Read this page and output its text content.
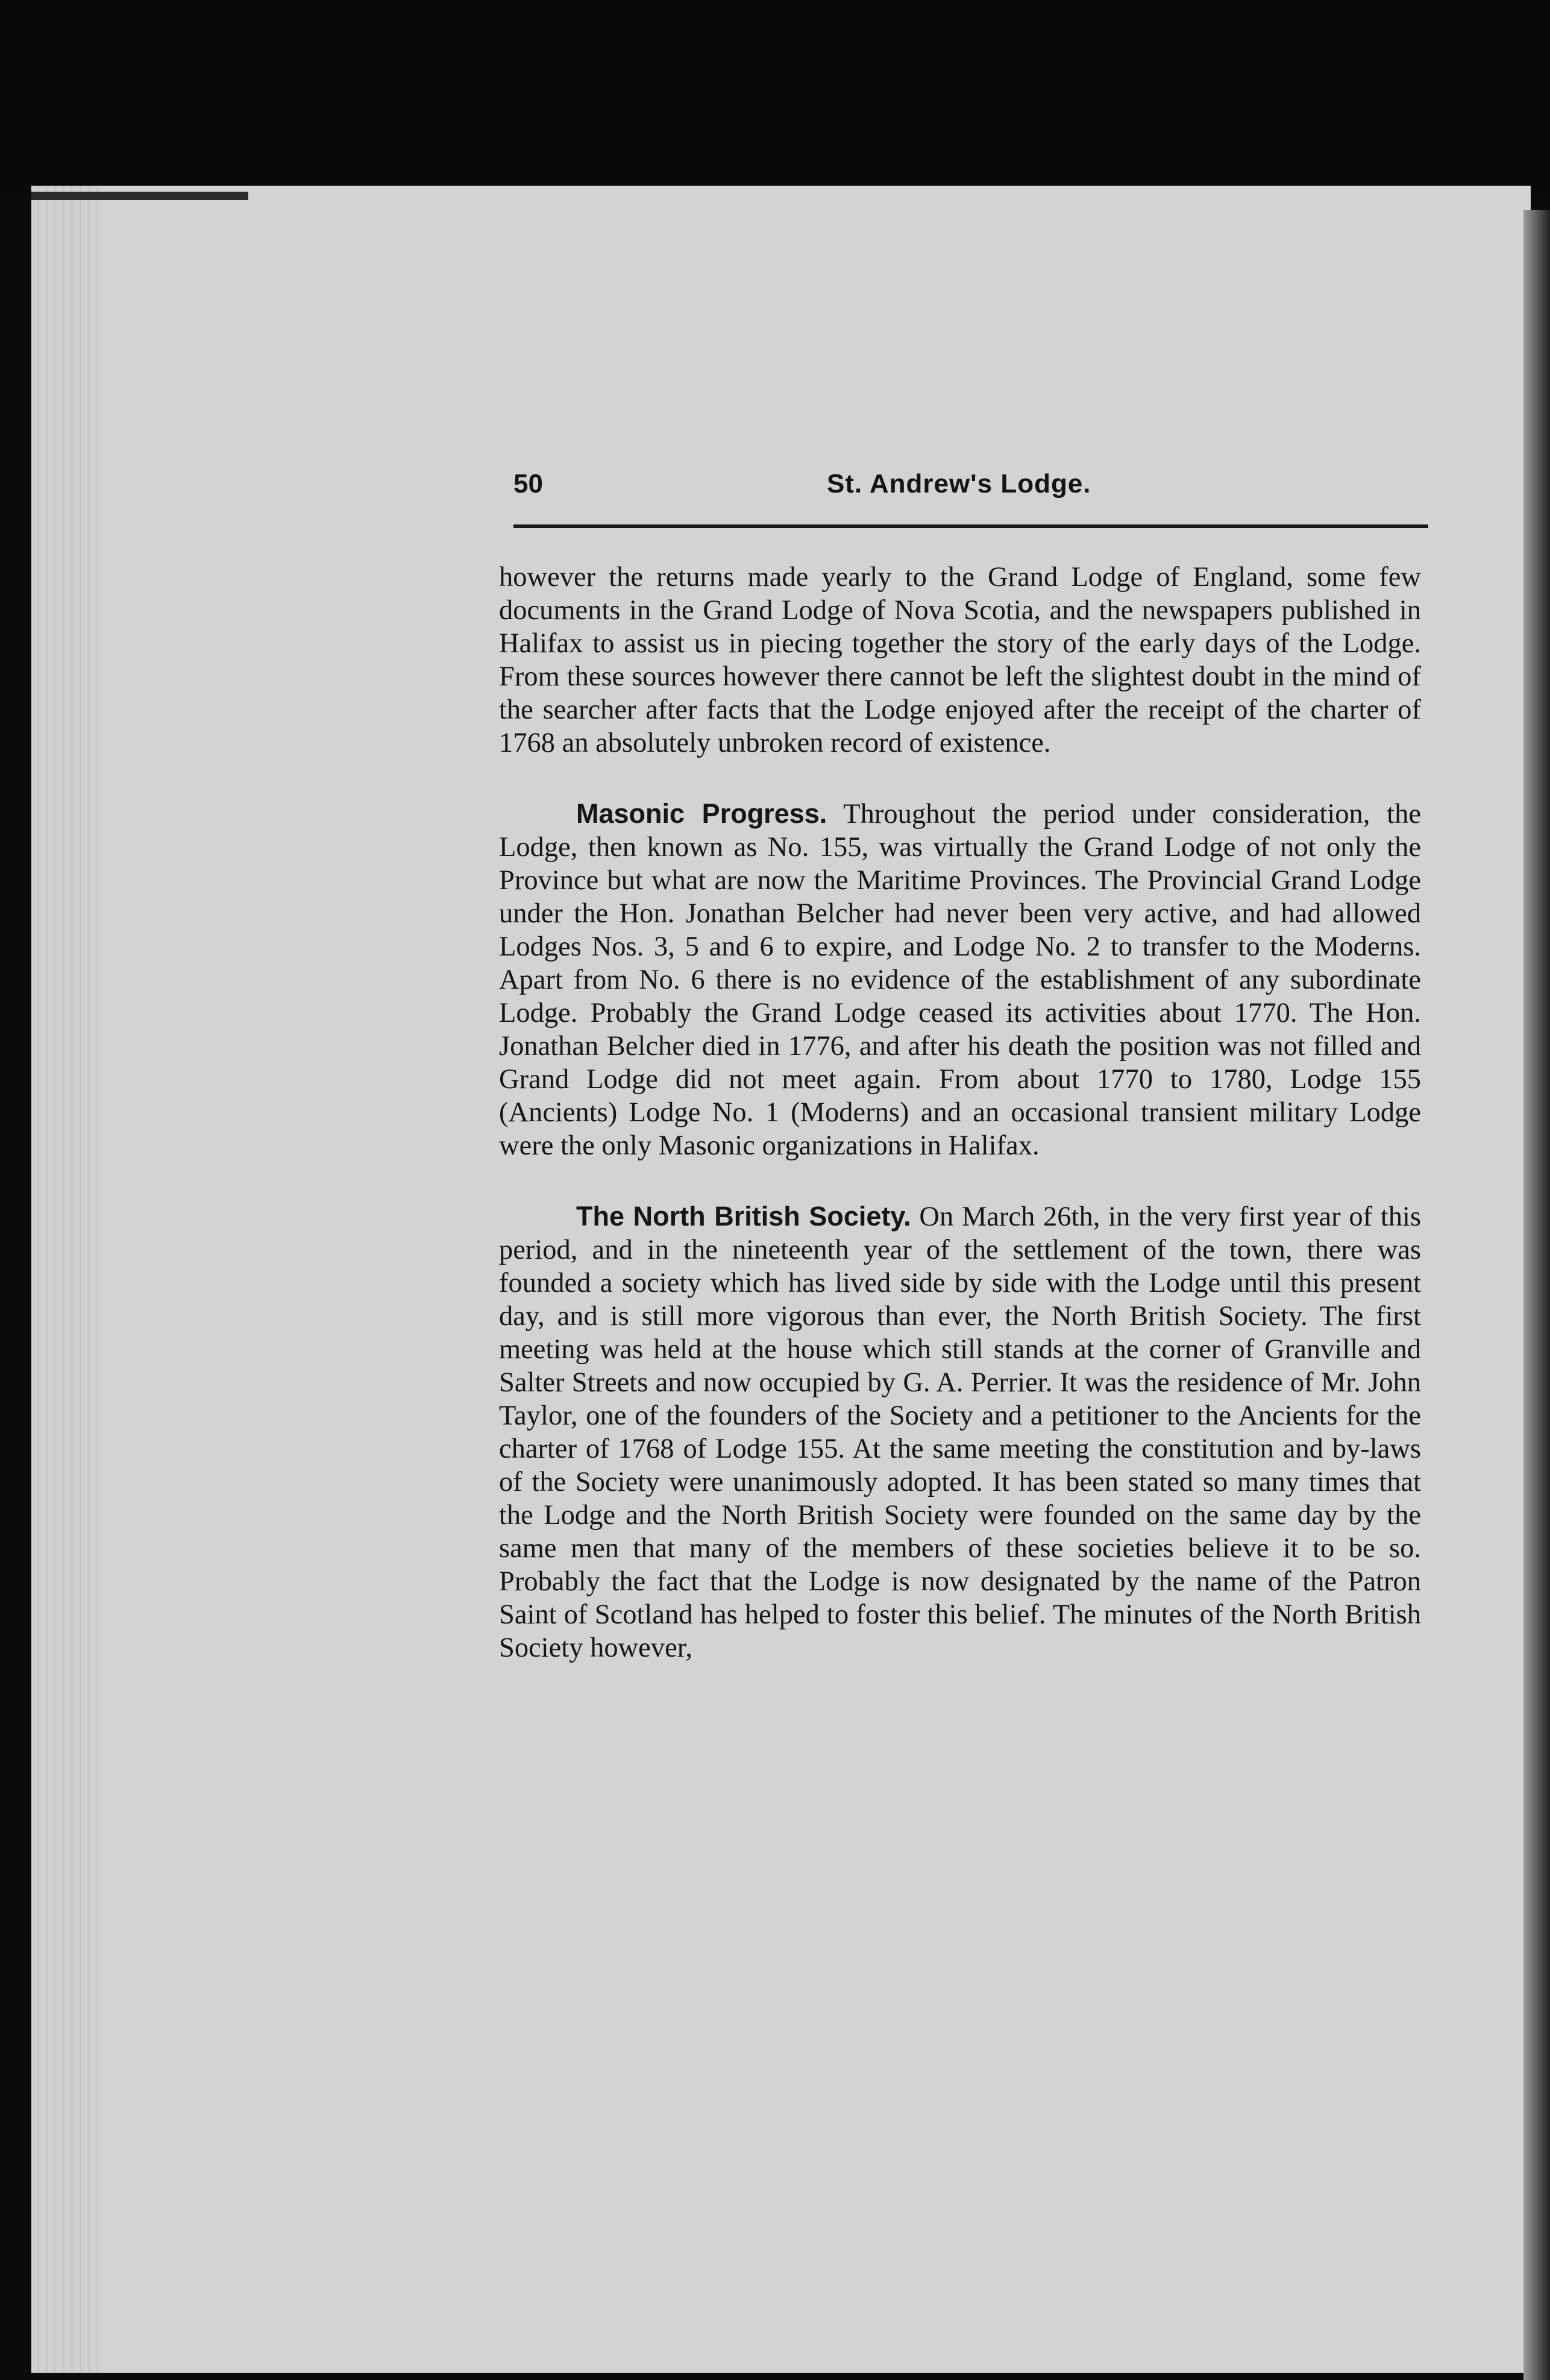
50	St. Andrew's Lodge.

however the returns made yearly to the Grand Lodge of England, some few documents in the Grand Lodge of Nova Scotia, and the newspapers published in Halifax to assist us in piecing together the story of the early days of the Lodge. From these sources however there cannot be left the slightest doubt in the mind of the searcher after facts that the Lodge enjoyed after the receipt of the charter of 1768 an absolutely unbroken record of existence.

Masonic Progress. Throughout the period under consideration, the Lodge, then known as No. 155, was virtually the Grand Lodge of not only the Province but what are now the Maritime Provinces. The Provincial Grand Lodge under the Hon. Jonathan Belcher had never been very active, and had allowed Lodges Nos. 3, 5 and 6 to expire, and Lodge No. 2 to transfer to the Moderns. Apart from No. 6 there is no evidence of the establishment of any subordinate Lodge. Probably the Grand Lodge ceased its activities about 1770. The Hon. Jonathan Belcher died in 1776, and after his death the position was not filled and Grand Lodge did not meet again. From about 1770 to 1780, Lodge 155 (Ancients) Lodge No. 1 (Moderns) and an occasional transient military Lodge were the only Masonic organizations in Halifax.

The North British Society. On March 26th, in the very first year of this period, and in the nineteenth year of the settlement of the town, there was founded a society which has lived side by side with the Lodge until this present day, and is still more vigorous than ever, the North British Society. The first meeting was held at the house which still stands at the corner of Granville and Salter Streets and now occupied by G. A. Perrier. It was the residence of Mr. John Taylor, one of the founders of the Society and a petitioner to the Ancients for the charter of 1768 of Lodge 155. At the same meeting the constitution and by-laws of the Society were unanimously adopted. It has been stated so many times that the Lodge and the North British Society were founded on the same day by the same men that many of the members of these societies believe it to be so. Probably the fact that the Lodge is now designated by the name of the Patron Saint of Scotland has helped to foster this belief. The minutes of the North British Society however,
